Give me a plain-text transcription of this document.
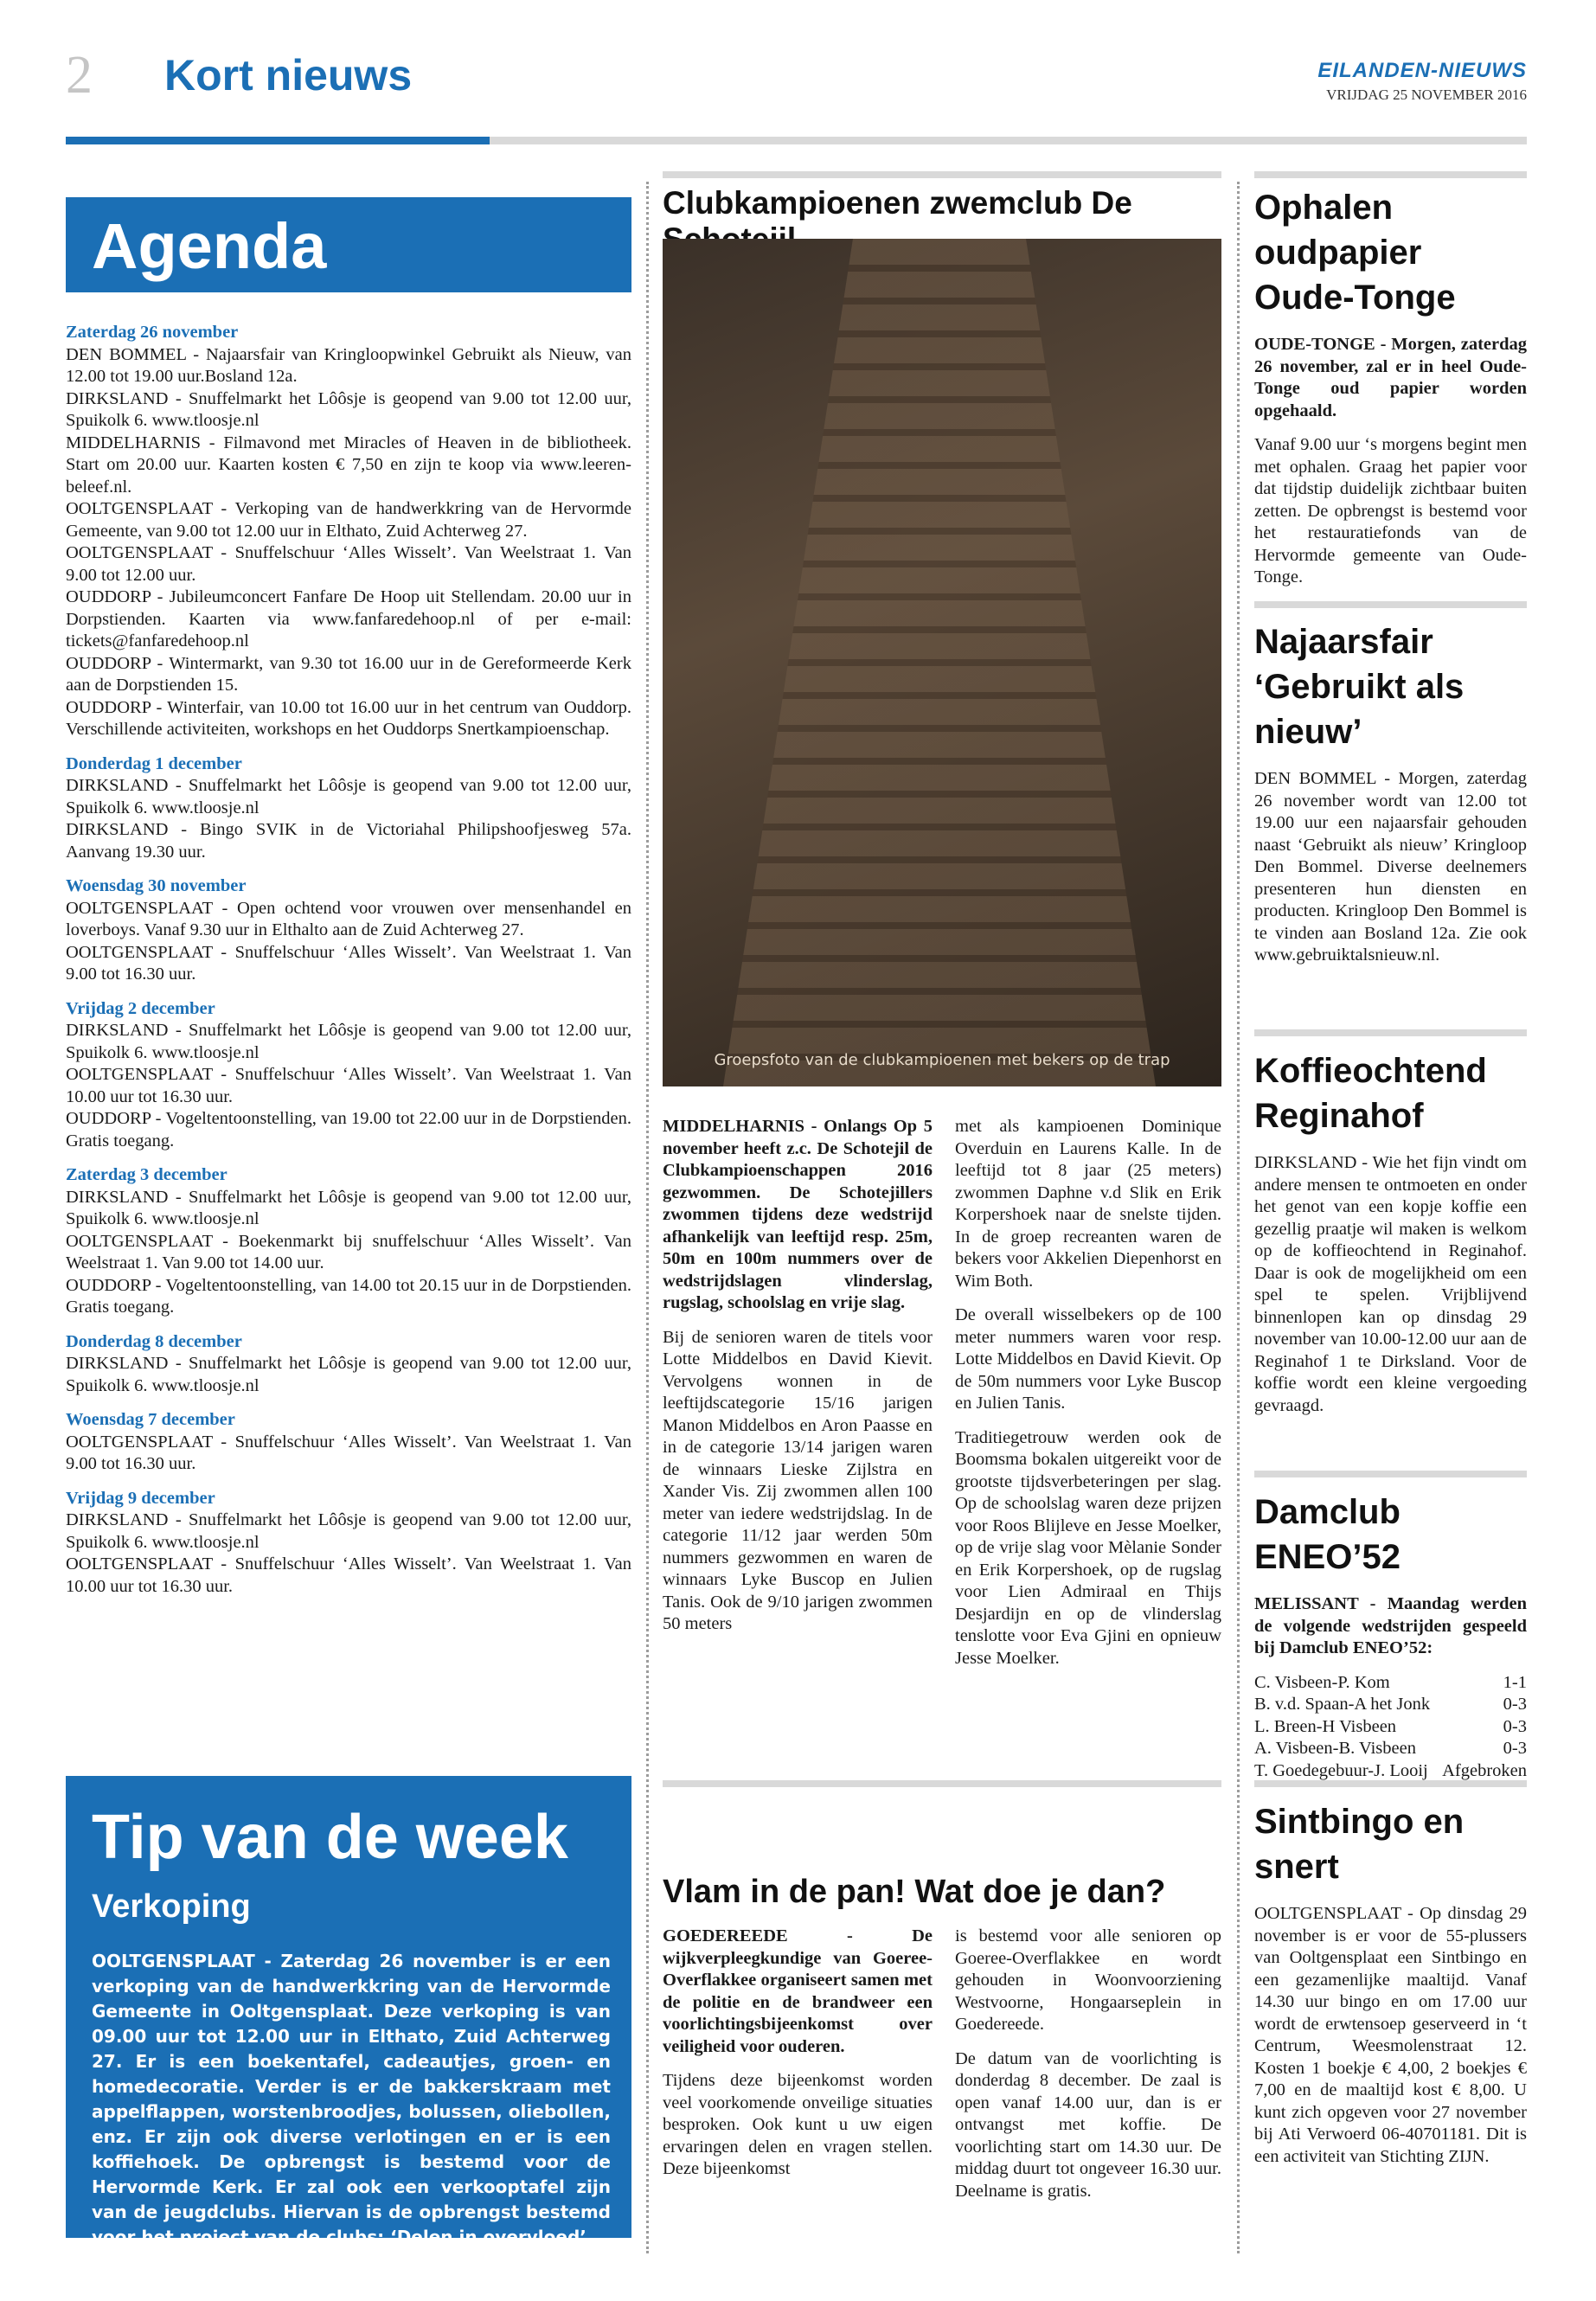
2 Kort nieuws	EILANDEN-NIEUWS
VRIJDAG 25 NOVEMBER 2016
Agenda
Zaterdag 26 november
DEN BOMMEL - Najaarsfair van Kringloopwinkel Gebruikt als Nieuw, van 12.00 tot 19.00 uur.Bosland 12a.
DIRKSLAND - Snuffelmarkt het Lôôsje is geopend van 9.00 tot 12.00 uur, Spuikolk 6. www.tloosje.nl
MIDDELHARNIS - Filmavond met Miracles of Heaven in de bibliotheek. Start om 20.00 uur. Kaarten kosten € 7,50 en zijn te koop via www.leeren-beleef.nl.
OOLTGENSPLAAT - Verkoping van de handwerkkring van de Hervormde Gemeente, van 9.00 tot 12.00 uur in Elthato, Zuid Achterweg 27.
OOLTGENSPLAAT - Snuffelschuur ‘Alles Wisselt’. Van Weelstraat 1. Van 9.00 tot 12.00 uur.
OUDDORP - Jubileumconcert Fanfare De Hoop uit Stellendam. 20.00 uur in Dorpstienden. Kaarten via www.fanfaredehoop.nl of per e-mail: tickets@fanfaredehoop.nl
OUDDORP - Wintermarkt, van 9.30 tot 16.00 uur in de Gereformeerde Kerk aan de Dorpstienden 15.
OUDDORP - Winterfair, van 10.00 tot 16.00 uur in het centrum van Ouddorp. Verschillende activiteiten, workshops en het Ouddorps Snertkampioenschap.
Donderdag 1 december
DIRKSLAND - Snuffelmarkt het Lôôsje is geopend van 9.00 tot 12.00 uur, Spuikolk 6. www.tloosje.nl
DIRKSLAND - Bingo SVIK in de Victoriahal Philipshoofjesweg 57a. Aanvang 19.30 uur.
Woensdag 30 november
OOLTGENSPLAAT - Open ochtend voor vrouwen over mensenhandel en loverboys. Vanaf 9.30 uur in Elthalto aan de Zuid Achterweg 27.
OOLTGENSPLAAT - Snuffelschuur ‘Alles Wisselt’. Van Weelstraat 1. Van 9.00 tot 16.30 uur.
Vrijdag 2 december
DIRKSLAND - Snuffelmarkt het Lôôsje is geopend van 9.00 tot 12.00 uur, Spuikolk 6. www.tloosje.nl
OOLTGENSPLAAT - Snuffelschuur ‘Alles Wisselt’. Van Weelstraat 1. Van 10.00 uur tot 16.30 uur.
OUDDORP - Vogeltentoonstelling, van 19.00 tot 22.00 uur in de Dorpstienden. Gratis toegang.
Zaterdag 3 december
DIRKSLAND - Snuffelmarkt het Lôôsje is geopend van 9.00 tot 12.00 uur, Spuikolk 6. www.tloosje.nl
OOLTGENSPLAAT - Boekenmarkt bij snuffelschuur ‘Alles Wisselt’. Van Weelstraat 1. Van 9.00 tot 14.00 uur.
OUDDORP - Vogeltentoonstelling, van 14.00 tot 20.15 uur in de Dorpstienden. Gratis toegang.
Donderdag 8 december
DIRKSLAND - Snuffelmarkt het Lôôsje is geopend van 9.00 tot 12.00 uur, Spuikolk 6. www.tloosje.nl
Woensdag 7 december
OOLTGENSPLAAT - Snuffelschuur ‘Alles Wisselt’. Van Weelstraat 1. Van 9.00 tot 16.30 uur.
Vrijdag 9 december
DIRKSLAND - Snuffelmarkt het Lôôsje is geopend van 9.00 tot 12.00 uur, Spuikolk 6. www.tloosje.nl
OOLTGENSPLAAT - Snuffelschuur ‘Alles Wisselt’. Van Weelstraat 1. Van 10.00 uur tot 16.30 uur.
Tip van de week
Verkoping
OOLTGENSPLAAT - Zaterdag 26 november is er een verkoping van de handwerkkring van de Hervormde Gemeente in Ooltgensplaat. Deze verkoping is van 09.00 uur tot 12.00 uur in Elthato, Zuid Achterweg 27. Er is een boekentafel, cadeautjes, groen- en homedecoratie. Verder is er de bakkerskraam met appelflappen, worstenbroodjes, bolussen, oliebollen, enz. Er zijn ook diverse verlotingen en er is een koffiehoek. De opbrengst is bestemd voor de Hervormde Kerk. Er zal ook een verkooptafel zijn van de jeugdclubs. Hiervan is de opbrengst bestemd voor het project van de clubs: ‘Delen in overvloed’.
Clubkampioenen zwemclub De
Groepsfoto van de clubkampioenen met bekers op de trap

MIDDELHARNIS - Onlangs Op 5 november heeft z.c. De Schotejil de Clubkampioenschappen 2016 gezwommen. De Schotejillers zwommen tijdens deze wedstrijd afhankelijk van leeftijd resp. 25m, 50m en 100m nummers over de wedstrijdslagen vlinderslag, rugslag, schoolslag en vrije slag.

Bij de senioren waren de titels voor Lotte Middelbos en David Kievit. Vervolgens wonnen in de leeftijdscategorie 15/16 jarigen Manon Middelbos en Aron Paasse en in de categorie 13/14 jarigen waren de winnaars Lieske Zijlstra en Xander Vis. Zij zwommen allen 100 meter van iedere wedstrijdslag. In de categorie 11/12 jaar werden 50m nummers gezwommen en waren de winnaars Lyke Buscop en Julien Tanis. Ook de 9/10 jarigen zwommen 50 meters

met als kampioenen Dominique Overduin en Laurens Kalle. In de leeftijd tot 8 jaar (25 meters) zwommen Daphne v.d Slik en Erik Korpershoek naar de snelste tijden. In de groep recreanten waren de bekers voor Akkelien Diepenhorst en Wim Both.

De overall wisselbekers op de 100 meter nummers waren voor resp. Lotte Middelbos en David Kievit. Op de 50m nummers voor Lyke Buscop en Julien Tanis.

Traditiegetrouw werden ook de Boomsma bokalen uitgereikt voor de grootste tijdsverbeteringen per slag. Op de schoolslag waren deze prijzen voor Roos Blijleve en Jesse Moelker, op de vrije slag voor Mèlanie Sonder en Erik Korpershoek, op de rugslag voor Lien Admiraal en Thijs Desjardijn en op de vlinderslag tenslotte voor Eva Gjini en opnieuw Jesse Moelker.

Vlam in de pan! Wat doe je dan?

GOEDEREEDE - De wijkverpleegkundige van Goeree-Overflakkee organiseert samen met de politie en de brandweer een voorlichtingsbijeenkomst over veiligheid voor ouderen.

Tijdens deze bijeenkomst worden veel voorkomende onveilige situaties besproken. Ook kunt u uw eigen ervaringen delen en vragen stellen. Deze bijeenkomst

is bestemd voor alle senioren op Goeree-Overflakkee en wordt gehouden in Woonvoorziening Westvoorne, Hongaarseplein in Goedereede.

De datum van de voorlichting is donderdag 8 december. De zaal is open vanaf 14.00 uur, dan is er ontvangst met koffie. De voorlichting start om 14.30 uur. De middag duurt tot ongeveer 16.30 uur. Deelname is gratis.

Ophalen oudpapier Oude-Tonge

OUDE-TONGE - Morgen, zaterdag 26 november, zal er in heel Oude-Tonge oud papier worden opgehaald.

Vanaf 9.00 uur ‘s morgens begint men met ophalen. Graag het papier voor dat tijdstip duidelijk zichtbaar buiten zetten. De opbrengst is bestemd voor het restauratiefonds van de Hervormde gemeente van Oude-Tonge.

Najaarsfair ‘Gebruikt als nieuw’

DEN BOMMEL - Morgen, zaterdag 26 november wordt van 12.00 tot 19.00 uur een najaarsfair gehouden naast ‘Gebruikt als nieuw’ Kringloop Den Bommel. Diverse deelnemers presenteren hun diensten en producten. Kringloop Den Bommel is te vinden aan Bosland 12a. Zie ook www.gebruiktalsnieuw.nl.

Koffieochtend Reginahof

DIRKSLAND - Wie het fijn vindt om andere mensen te ontmoeten en onder het genot van een kopje koffie een gezellig praatje wil maken is welkom op de koffieochtend in Reginahof. Daar is ook de mogelijkheid om een spel te spelen. Vrijblijvend binnenlopen kan op dinsdag 29 november van 10.00-12.00 uur aan de Reginahof 1 te Dirksland. Voor de koffie wordt een kleine vergoeding gevraagd.

Damclub ENEO’52

MELISSANT - Maandag werden de volgende wedstrijden gespeeld bij Damclub ENEO’52:

C. Visbeen-P. Kom	1-1
B. v.d. Spaan-A het Jonk	0-3
L. Breen-H Visbeen	0-3
A. Visbeen-B. Visbeen	0-3
T. Goedegebuur-J. Looij	Afgebroken
Sintbingo en snert

OOLTGENSPLAAT - Op dinsdag 29 november is er voor de 55-plussers van Ooltgensplaat een Sintbingo en een gezamenlijke maaltijd. Vanaf 14.30 uur bingo en om 17.00 uur wordt de erwtensoep geserveerd in ‘t Centrum, Weesmolenstraat 12. Kosten 1 boekje € 4,00, 2 boekjes € 7,00 en de maaltijd kost € 8,00. U kunt zich opgeven voor 27 november bij Ati Verwoerd 06-40701181. Dit is een activiteit van Stichting ZIJN.
